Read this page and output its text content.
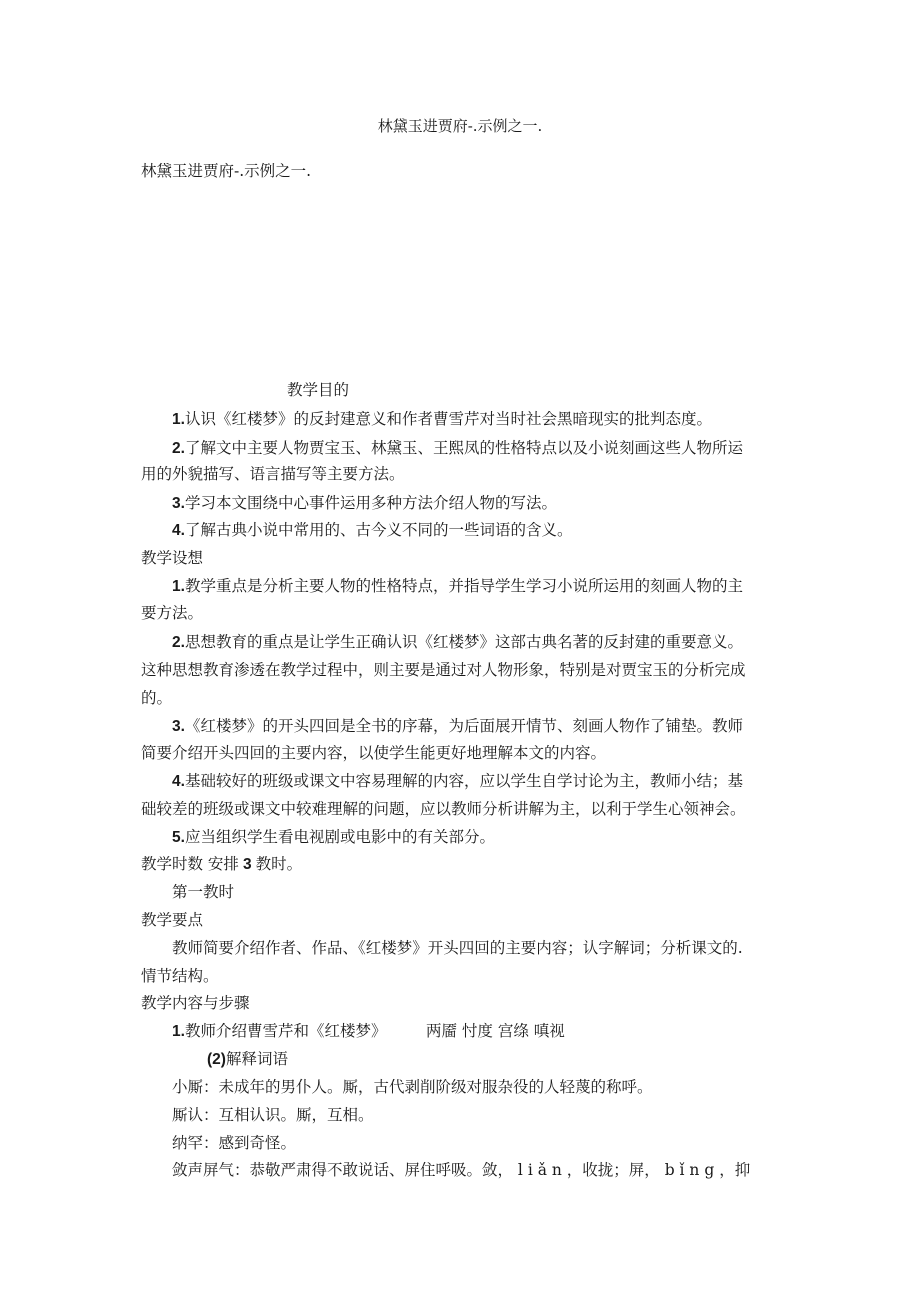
林黛玉进贾府-.示例之一.
林黛玉进贾府-.示例之一.
教学目的
1.认识《红楼梦》的反封建意义和作者曹雪芹对当时社会黑暗现实的批判态度。
2.了解文中主要人物贾宝玉、林黛玉、王熙凤的性格特点以及小说刻画这些人物所运
用的外貌描写、语言描写等主要方法。
3.学习本文围绕中心事件运用多种方法介绍人物的写法。
4.了解古典小说中常用的、古今义不同的一些词语的含义。
教学设想
1.教学重点是分析主要人物的性格特点，并指导学生学习小说所运用的刻画人物的主
要方法。
2.思想教育的重点是让学生正确认识《红楼梦》这部古典名著的反封建的重要意义。
这种思想教育渗透在教学过程中，则主要是通过对人物形象，特别是对贾宝玉的分析完成
的。
3.《红楼梦》的开头四回是全书的序幕，为后面展开情节、刻画人物作了铺垫。教师
简要介绍开头四回的主要内容，以使学生能更好地理解本文的内容。
4.基础较好的班级或课文中容易理解的内容，应以学生自学讨论为主，教师小结；基
础较差的班级或课文中较难理解的问题，应以教师分析讲解为主，以利于学生心领神会。
5.应当组织学生看电视剧或电影中的有关部分。
教学时数 安排 3 教时。
第一教时
教学要点
教师简要介绍作者、作品、《红楼梦》开头四回的主要内容；认字解词；分析课文的.
情节结构。
教学内容与步骤
1.教师介绍曹雪芹和《红楼梦》	两靥 忖度 宫绦 嗔视
(2)解释词语
小厮：未成年的男仆人。厮，古代剥削阶级对服杂役的人轻蔑的称呼。
厮认：互相认识。厮，互相。
纳罕：感到奇怪。
敛声屏气：恭敬严肃得不敢说话、屏住呼吸。敛， l i ǎ n ，收拢；屏， b ǐ n g ，抑
